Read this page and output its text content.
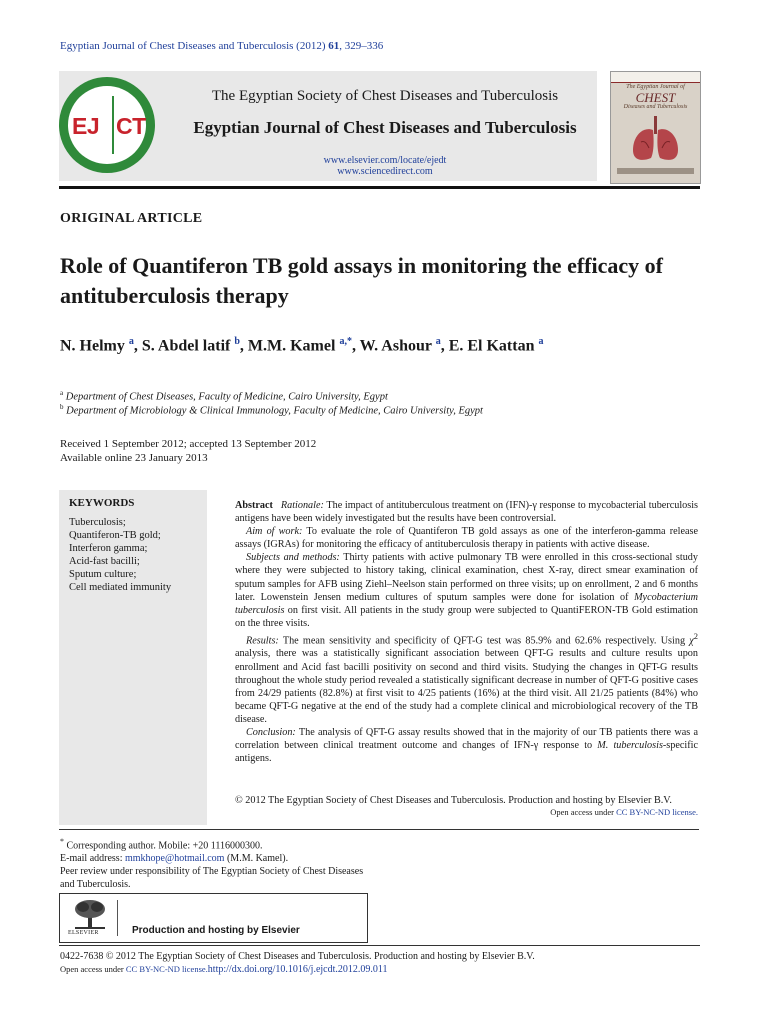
Egyptian Journal of Chest Diseases and Tuberculosis (2012) 61, 329–336
EJ CT
The Egyptian Society of Chest Diseases and Tuberculosis
Egyptian Journal of Chest Diseases and Tuberculosis
www.elsevier.com/locate/ejedt
www.sciencedirect.com
The Egyptian Journal of
CHEST
Diseases and Tuberculosis
ORIGINAL ARTICLE
Role of Quantiferon TB gold assays in monitoring the efficacy of antituberculosis therapy
N. Helmy $^a$, S. Abdel latif $^b$, M.M. Kamel $^{a,*}$, W. Ashour $^a$, E. El Kattan $^a$
$^a$ Department of Chest Diseases, Faculty of Medicine, Cairo University, Egypt
$^b$ Department of Microbiology & Clinical Immunology, Faculty of Medicine, Cairo University, Egypt
Received 1 September 2012; accepted 13 September 2012
Available online 23 January 2013
KEYWORDS
Tuberculosis;
Quantiferon-TB gold;
Interferon gamma;
Acid-fast bacilli;
Sputum culture;
Cell mediated immunity

Abstract Rationale: The impact of antituberculous treatment on (IFN)-γ response to mycobacterial tuberculosis antigens have been widely investigated but the results have been controversial.

Aim of work: To evaluate the role of Quantiferon TB gold assays as one of the interferon-gamma release assays (IGRAs) for monitoring the efficacy of antituberculosis therapy in patients with active disease.

Subjects and methods: Thirty patients with active pulmonary TB were enrolled in this cross-sectional study where they were subjected to history taking, clinical examination, chest X-ray, direct smear examination of sputum samples for AFB using Ziehl–Neelson stain performed on three visits; up on enrollment, 2 and 6 months later. Lowenstein Jensen medium cultures of sputum samples were done for isolation of Mycobacterium tuberculosis on first visit. All patients in the study group were subjected to QuantiFERON-TB Gold estimation on the three visits.

Results: The mean sensitivity and specificity of QFT-G test was 85.9% and 62.6% respectively. Using $\chi^2$ analysis, there was a statistically significant association between QFT-G results and culture results upon enrollment and Acid fast bacilli positivity on second and third visits. Studying the changes in QFT-G results throughout the whole study period revealed a statistically significant decrease in number of QFT-G positive cases from 24/29 patients (82.8%) at first visit to 4/25 patients (16%) at the third visit. All 21/25 patients (84%) who became QFT-G negative at the end of the study had a complete clinical and microbiological recovery of the TB disease.

Conclusion: The analysis of QFT-G assay results showed that in the majority of our TB patients there was a correlation between clinical treatment outcome and changes of IFN-γ response to M. tuberculosis-specific antigens.

© 2012 The Egyptian Society of Chest Diseases and Tuberculosis. Production and hosting by Elsevier B.V.
Open access under CC BY-NC-ND license.
* Corresponding author. Mobile: +20 1116000300.
E-mail address: mmkhope@hotmail.com (M.M. Kamel).
Peer review under responsibility of The Egyptian Society of Chest Diseases and Tuberculosis.
ELSEVIER	Production and hosting by Elsevier
0422-7638 © 2012 The Egyptian Society of Chest Diseases and Tuberculosis. Production and hosting by Elsevier B.V.
Open access under CC BY-NC-ND license.http://dx.doi.org/10.1016/j.ejcdt.2012.09.011
